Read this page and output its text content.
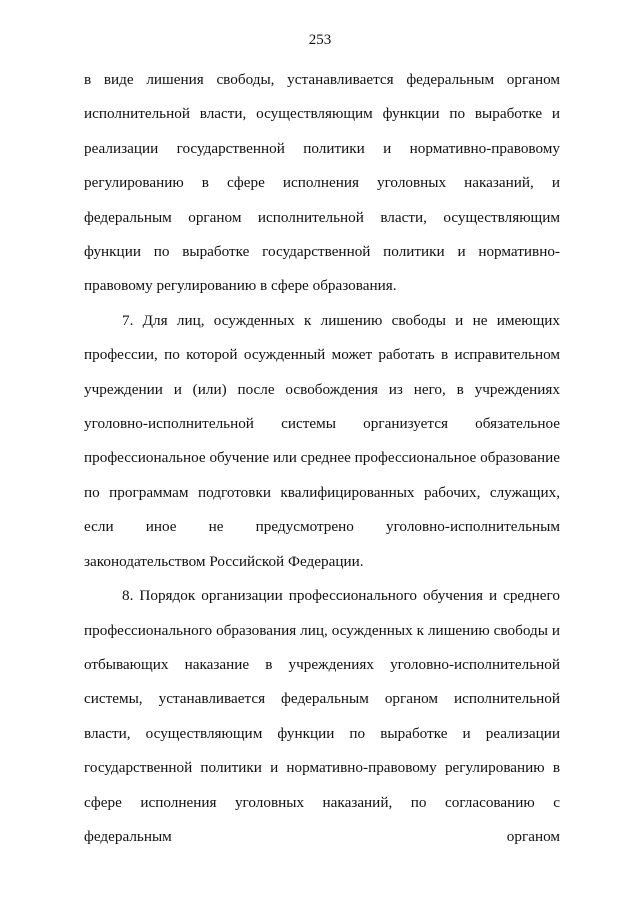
253

в виде лишения свободы, устанавливается федеральным органом исполнительной власти, осуществляющим функции по выработке и реализации государственной политики и нормативно-правовому регулированию в сфере исполнения уголовных наказаний, и федеральным органом исполнительной власти, осуществляющим функции по выработке государственной политики и нормативно-правовому регулированию в сфере образования.

7. Для лиц, осужденных к лишению свободы и не имеющих профессии, по которой осужденный может работать в исправительном учреждении и (или) после освобождения из него, в учреждениях уголовно-исполнительной системы организуется обязательное профессиональное обучение или среднее профессиональное образование по программам подготовки квалифицированных рабочих, служащих, если иное не предусмотрено уголовно-исполнительным законодательством Российской Федерации.

8. Порядок организации профессионального обучения и среднего профессионального образования лиц, осужденных к лишению свободы и отбывающих наказание в учреждениях уголовно-исполнительной системы, устанавливается федеральным органом исполнительной власти, осуществляющим функции по выработке и реализации государственной политики и нормативно-правовому регулированию в сфере исполнения уголовных наказаний, по согласованию с федеральным органом
